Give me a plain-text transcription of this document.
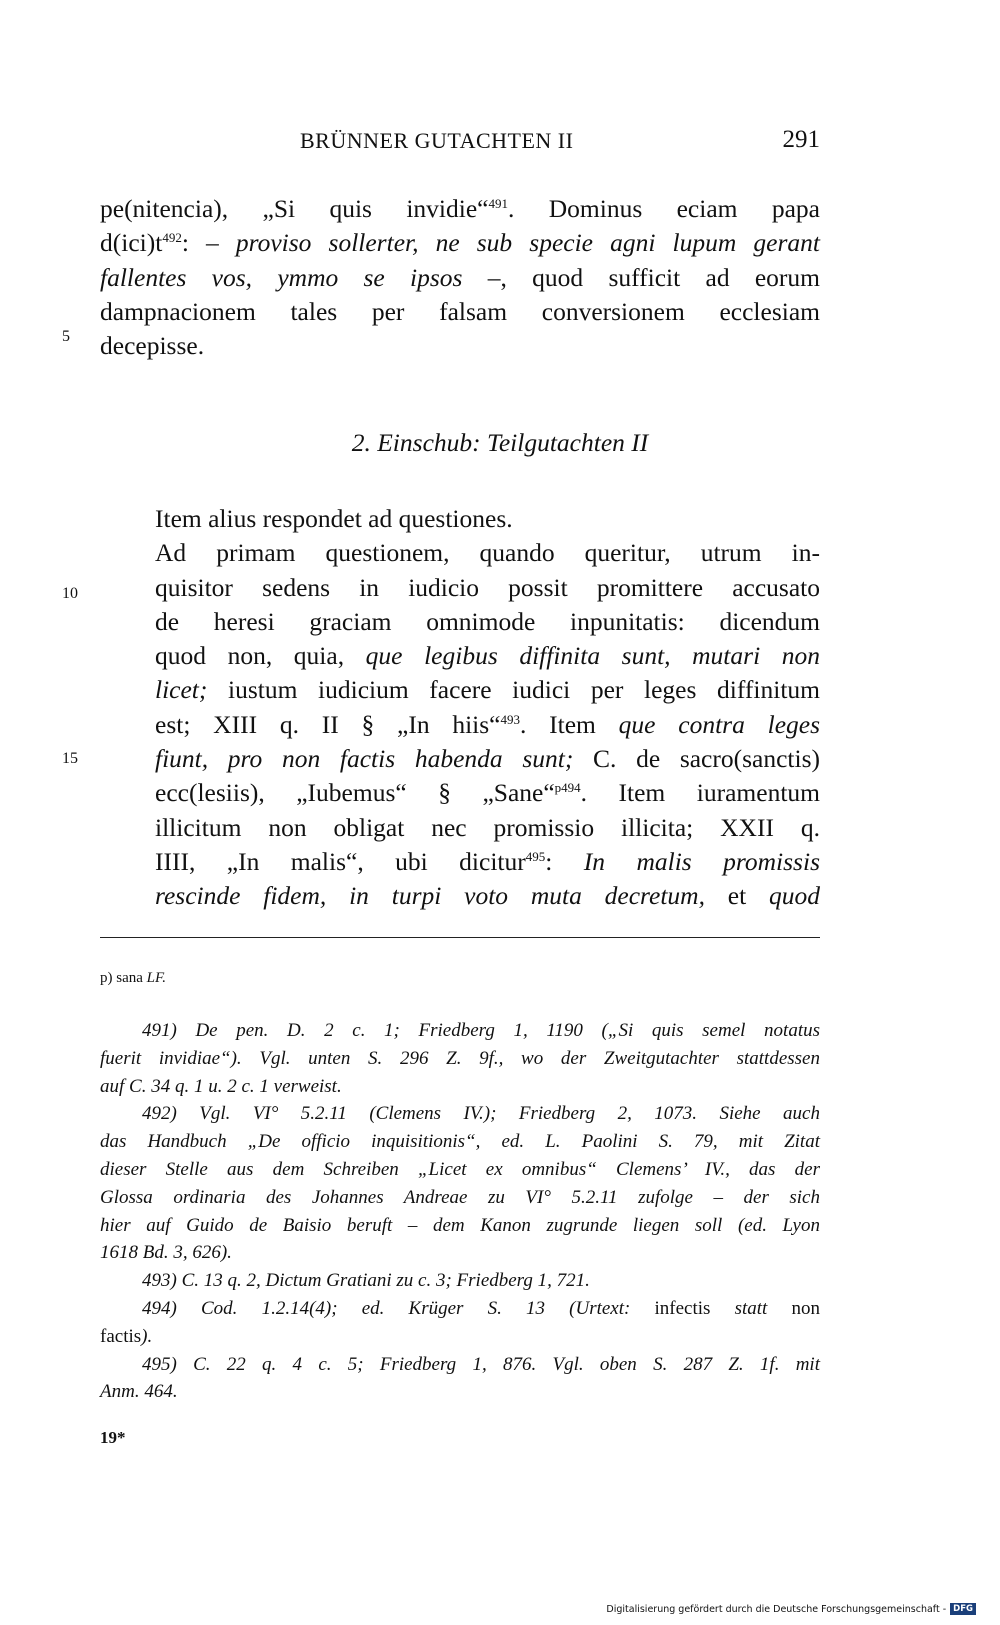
BRÜNNER GUTACHTEN II	291
pe(nitencia), „Si quis invidie“$^{491}$. Dominus eciam papa
$d(ici)t^{492}$: – proviso sollerter, ne sub specie agni lupum gerant
fallentes vos, ymmo se ipsos –, quod sufficit ad eorum
dampnacionem tales per falsam conversionem ecclesiam
decepisse.
5
2. Einschub: Teilgutachten II
Item alius respondet ad questiones.
Ad primam questionem, quando queritur, utrum in-
quisitor sedens in iudicio possit promittere accusato
de heresi graciam omnimode inpunitatis: dicendum
quod non, quia, que legibus diffinita sunt, mutari non
licet; iustum iudicium facere iudici per leges diffinitum
est; XIII q. II § „In hiis“$^{493}$. Item que contra leges
fiunt, pro non factis habenda sunt; C. de sacro(sanctis)
ecc(lesiis), „Iubemus“ § „Sane“$^{p494}$. Item iuramentum
illicitum non obligat nec promissio illicita; XXII q.
IIII, „In malis“, ubi dicitur$^{495}$: In malis promissis
rescinde fidem, in turpi voto muta decretum, et quod
10
15
p) sana LF.
491) De pen. D. 2 c. 1; Friedberg 1, 1190 („Si quis semel notatus
fuerit invidiae“). Vgl. unten S. 296 Z. 9f., wo der Zweitgutachter stattdessen
auf C. 34 q. 1 u. 2 c. 1 verweist.
492) Vgl. VI° 5.2.11 (Clemens IV.); Friedberg 2, 1073. Siehe auch
das Handbuch „De officio inquisitionis“, ed. L. Paolini S. 79, mit Zitat
dieser Stelle aus dem Schreiben „Licet ex omnibus“ Clemens’ IV., das der
Glossa ordinaria des Johannes Andreae zu VI° 5.2.11 zufolge – der sich
hier auf Guido de Baisio beruft – dem Kanon zugrunde liegen soll (ed. Lyon
1618 Bd. 3, 626).
493) C. 13 q. 2, Dictum Gratiani zu c. 3; Friedberg 1, 721.
494) Cod. 1.2.14(4); ed. Krüger S. 13 (Urtext: infectis statt non
factis).
495) C. 22 q. 4 c. 5; Friedberg 1, 876. Vgl. oben S. 287 Z. 1f. mit
Anm. 464.
19*
Digitalisierung gefördert durch die Deutsche Forschungsgemeinschaft - DFG
